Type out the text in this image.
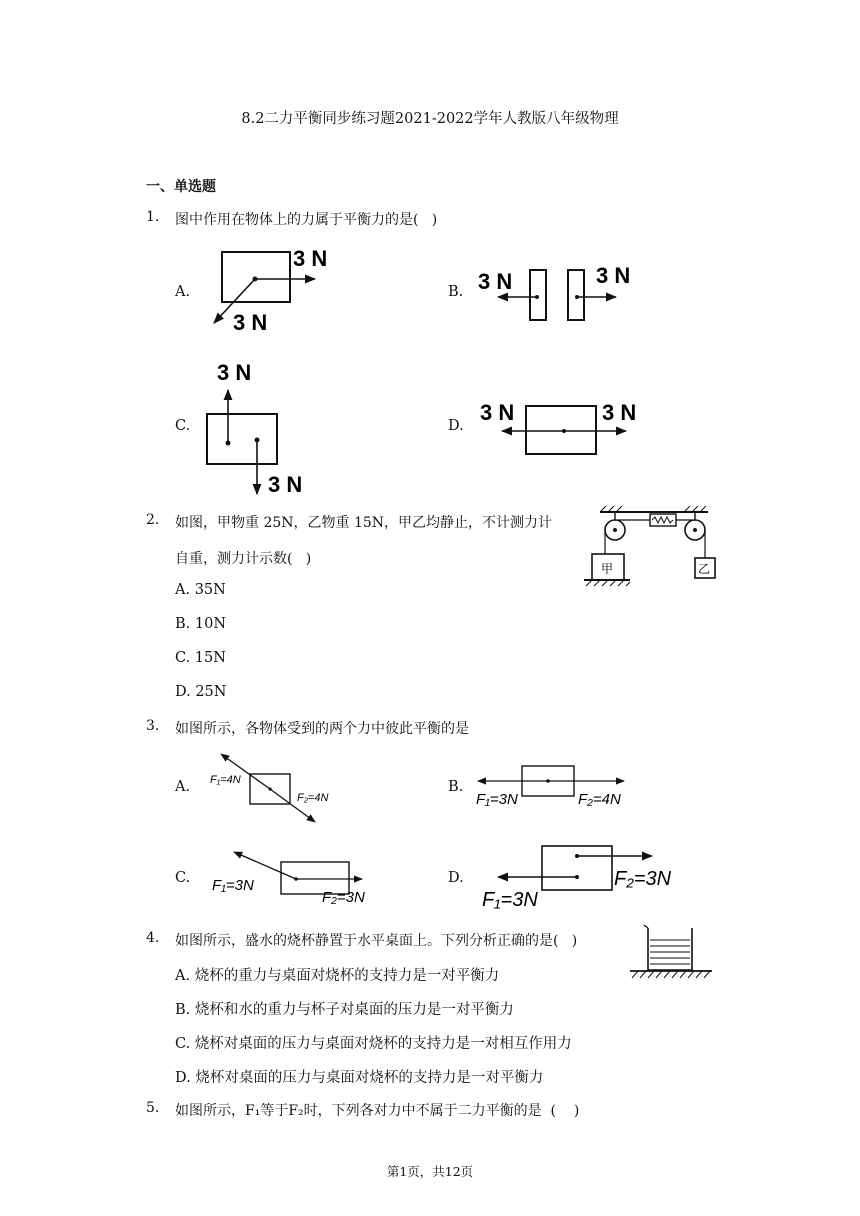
8.2二力平衡同步练习题2021-2022学年人教版八年级物理
一、单选题
1. 图中作用在物体上的力属于平衡力的是(   )
A.
3 N
3 N
B. 3 N	3 N
C.
3 N
3 N
D.
3 N	3 N
2. 如图，甲物重 25N，乙物重 15N，甲乙均静止，不计测力计
自重，测力计示数(   )
A. 35N
B. 10N
C. 15N
D. 25N
甲	乙
3. 如图所示，各物体受到的两个力中彼此平衡的是
A. F₁=4N
F₂=4N
B.
F₁=3N	F₂=4N
C. F₁=3N
F₂=3N
D.
F₁=3N
F₂=3N
4. 如图所示，盛水的烧杯静置于水平桌面上。下列分析正确的是(   )
A. 烧杯的重力与桌面对烧杯的支持力是一对平衡力
B. 烧杯和水的重力与杯子对桌面的压力是一对平衡力
C. 烧杯对桌面的压力与桌面对烧杯的支持力是一对相互作用力
D. 烧杯对桌面的压力与桌面对烧杯的支持力是一对平衡力
5. 如图所示，F₁等于F₂时，下列各对力中不属于二力平衡的是  (    )
第1页，共12页
